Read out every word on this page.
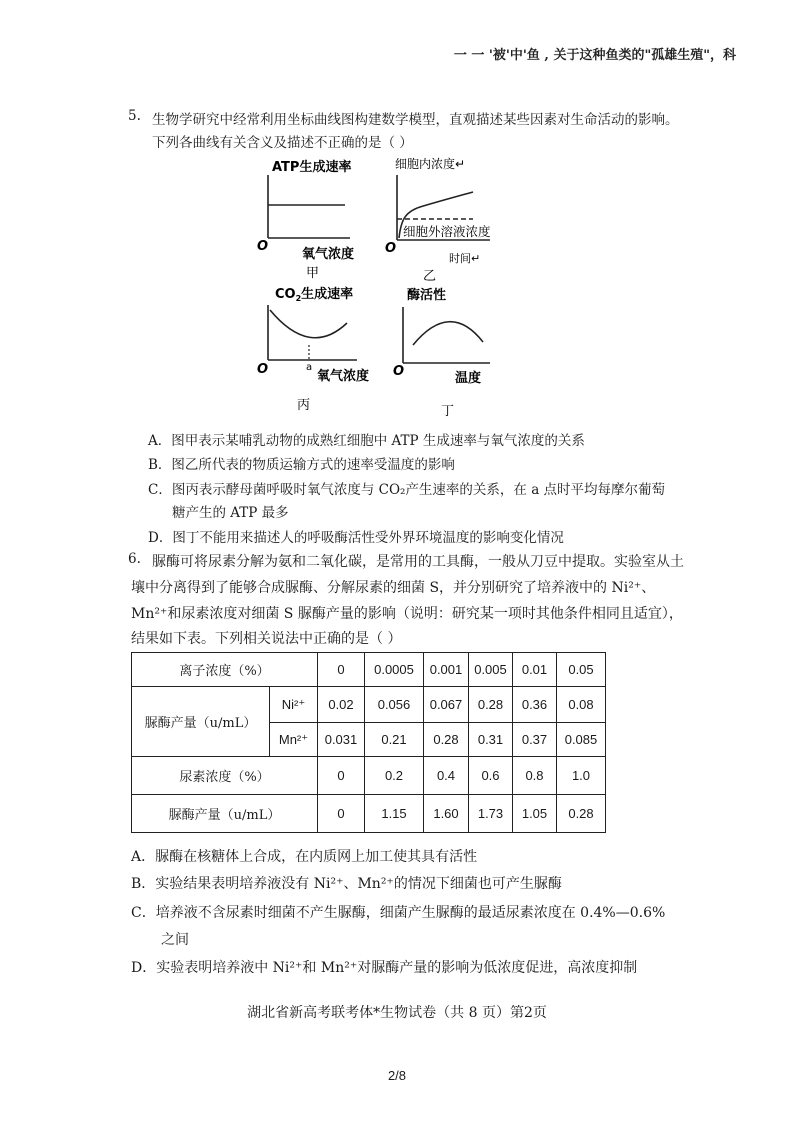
一 一 '被'中'鱼 , 关于这种鱼类的"孤雄生殖"，科
5. 生物学研究中经常利用坐标曲线图构建数学模型，直观描述某些因素对生命活动的影响。
下列各曲线有关含义及描述不正确的是（ ）
ATP生成速率
O
氧气浓度
甲
细胞内浓度↵
O
细胞外溶液浓度
时间↵
乙
$CO_2$生成速率
O	a
氧气浓度
丙
酶活性
O	温度
丁
A．图甲表示某哺乳动物的成熟红细胞中 ATP 生成速率与氧气浓度的关系
B．图乙所代表的物质运输方式的速率受温度的影响
C．图丙表示酵母菌呼吸时氧气浓度与 CO₂产生速率的关系，在 a 点时平均每摩尔葡萄
糖产生的 ATP 最多
D．图丁不能用来描述人的呼吸酶活性受外界环境温度的影响变化情况
6. 脲酶可将尿素分解为氨和二氧化碳，是常用的工具酶，一般从刀豆中提取。实验室从土
壤中分离得到了能够合成脲酶、分解尿素的细菌 S，并分别研究了培养液中的 Ni²⁺、
Mn²⁺和尿素浓度对细菌 S 脲酶产量的影响（说明：研究某一项时其他条件相同且适宜），
结果如下表。下列相关说法中正确的是（ ）
离子浓度（%）		0	0.0005	0.001	0.005	0.01	0.05
脲酶产量（u/mL）	Ni²⁺	0.02	0.056	0.067	0.28	0.36	0.08
	Mn²⁺	0.031	0.21	0.28	0.31	0.37	0.085
尿素浓度（%）		0	0.2	0.4	0.6	0.8	1.0
脲酶产量（u/mL）		0	1.15	1.60	1.73	1.05	0.28
A．脲酶在核糖体上合成，在内质网上加工使其具有活性
B．实验结果表明培养液没有 Ni²⁺、Mn²⁺的情况下细菌也可产生脲酶
C．培养液不含尿素时细菌不产生脲酶，细菌产生脲酶的最适尿素浓度在 0.4%—0.6%
之间
D．实验表明培养液中 Ni²⁺和 Mn²⁺对脲酶产量的影响为低浓度促进，高浓度抑制
湖北省新高考联考体*生物试卷（共 8 页）第2页
2/8
